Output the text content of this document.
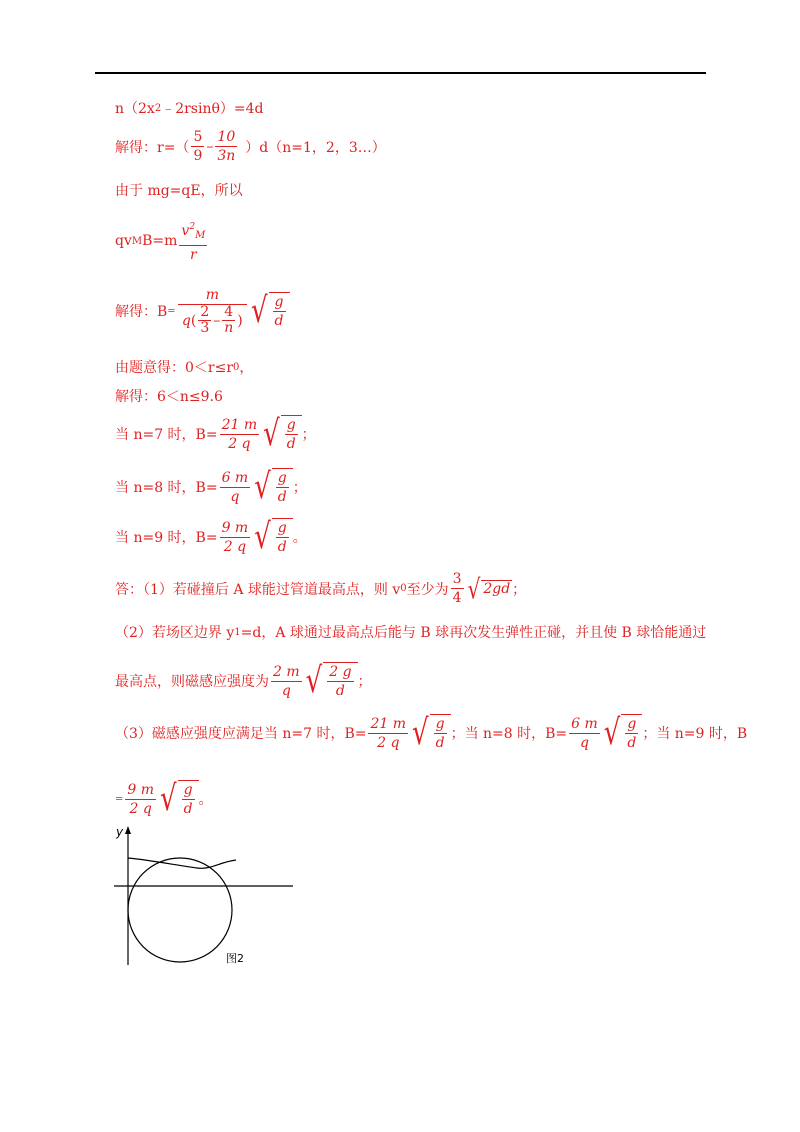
n（2x 2 ﹣2rsinθ）=4d
解得：$r=( \frac{5}{9} - \frac{10}{3n} )d(n=1$，2，3…）
由于 mg=qE，所以
qv M $B=m \frac{v^2_M}{r}$
解得：$B = \frac{m}{q ( \frac{2}{3} - \frac{4}{n} )}$ √ $\frac{g}{d}$
由题意得：0＜r≤r 0 ，
解得：6＜n≤9.6
当 n=7 时，$B= \frac{21 m}{2 q}$ √ $\frac{g}{d}$ ；
当 n=8 时，$B= \frac{6 m}{q}$ √ $\frac{g}{d}$ ；
当 n=9 时，$B= \frac{9 m}{2 q}$ √ $\frac{g}{d}$ 。
答：（1）若碰撞后 A 球能过管道最高点，则 v 0 至少为 $\frac{3}{4}$ √ 2gd ；
（2）若场区边界 y 1 =d，A 球通过最高点后能与 B 球再次发生弹性正碰，并且使 B 球恰能通过
最高点，则磁感应强度为 $\frac{2 m}{q}$ √ $\frac{2 g}{d}$ ；
（3）磁感应强度应满足当 n=7 时，$B= \frac{21 m}{2 q}$ √ $\frac{g}{d}$ ；当 n=8 时，$B= \frac{6 m}{q}$ √ $\frac{g}{d}$ ；当 n=9 时，B
= $\frac{9 m}{2 q}$ √ $\frac{g}{d}$ 。
y
图2
